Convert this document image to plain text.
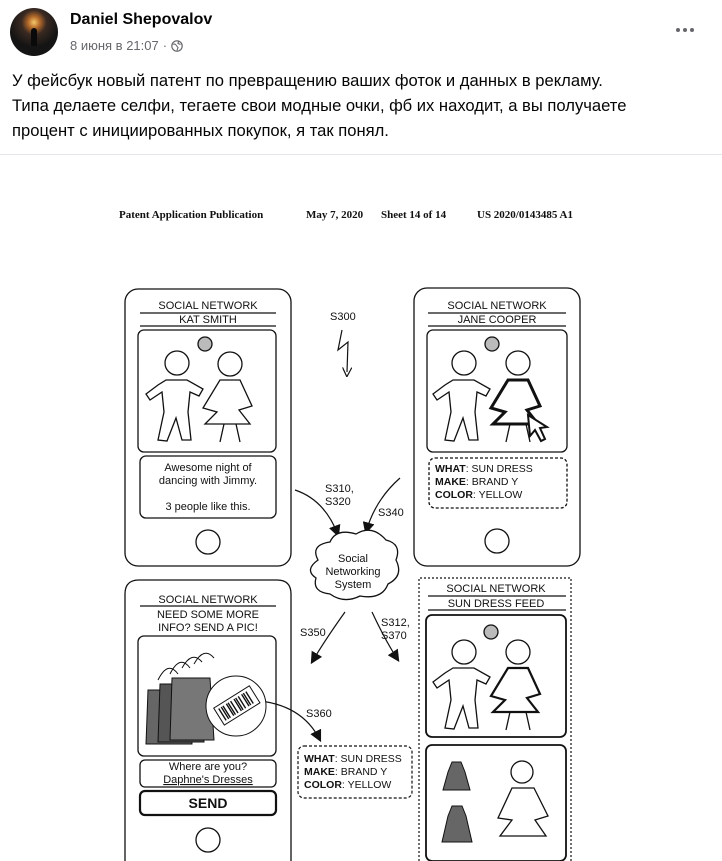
Daniel Shepovalov
8 июня в 21:07 ·

У фейсбук новый патент по превращению ваших фоток и данных в рекламу.

Типа делаете селфи, тегаете свои модные очки, фб их находит, а вы получаете

процент с инициированных покупок, я так понял.

Patent Application Publication	May 7, 2020 Sheet 14 of 14	US 2020/0143485 A1
SOCIAL NETWORK
KAT SMITH
Awesome night of
dancing with Jimmy.
3 people like this.
SOCIAL NETWORK
JANE COOPER
WHAT: SUN DRESS
MAKE: BRAND Y
COLOR: YELLOW
S300
S310,
S320
S340
S350
S312,
S370
S360
Social
Networking
System
SOCIAL NETWORK
NEED SOME MORE
INFO? SEND A PIC!
Where are you?
Daphne's Dresses
SEND
WHAT: SUN DRESS
MAKE: BRAND Y
COLOR: YELLOW
SOCIAL NETWORK
SUN DRESS FEED
